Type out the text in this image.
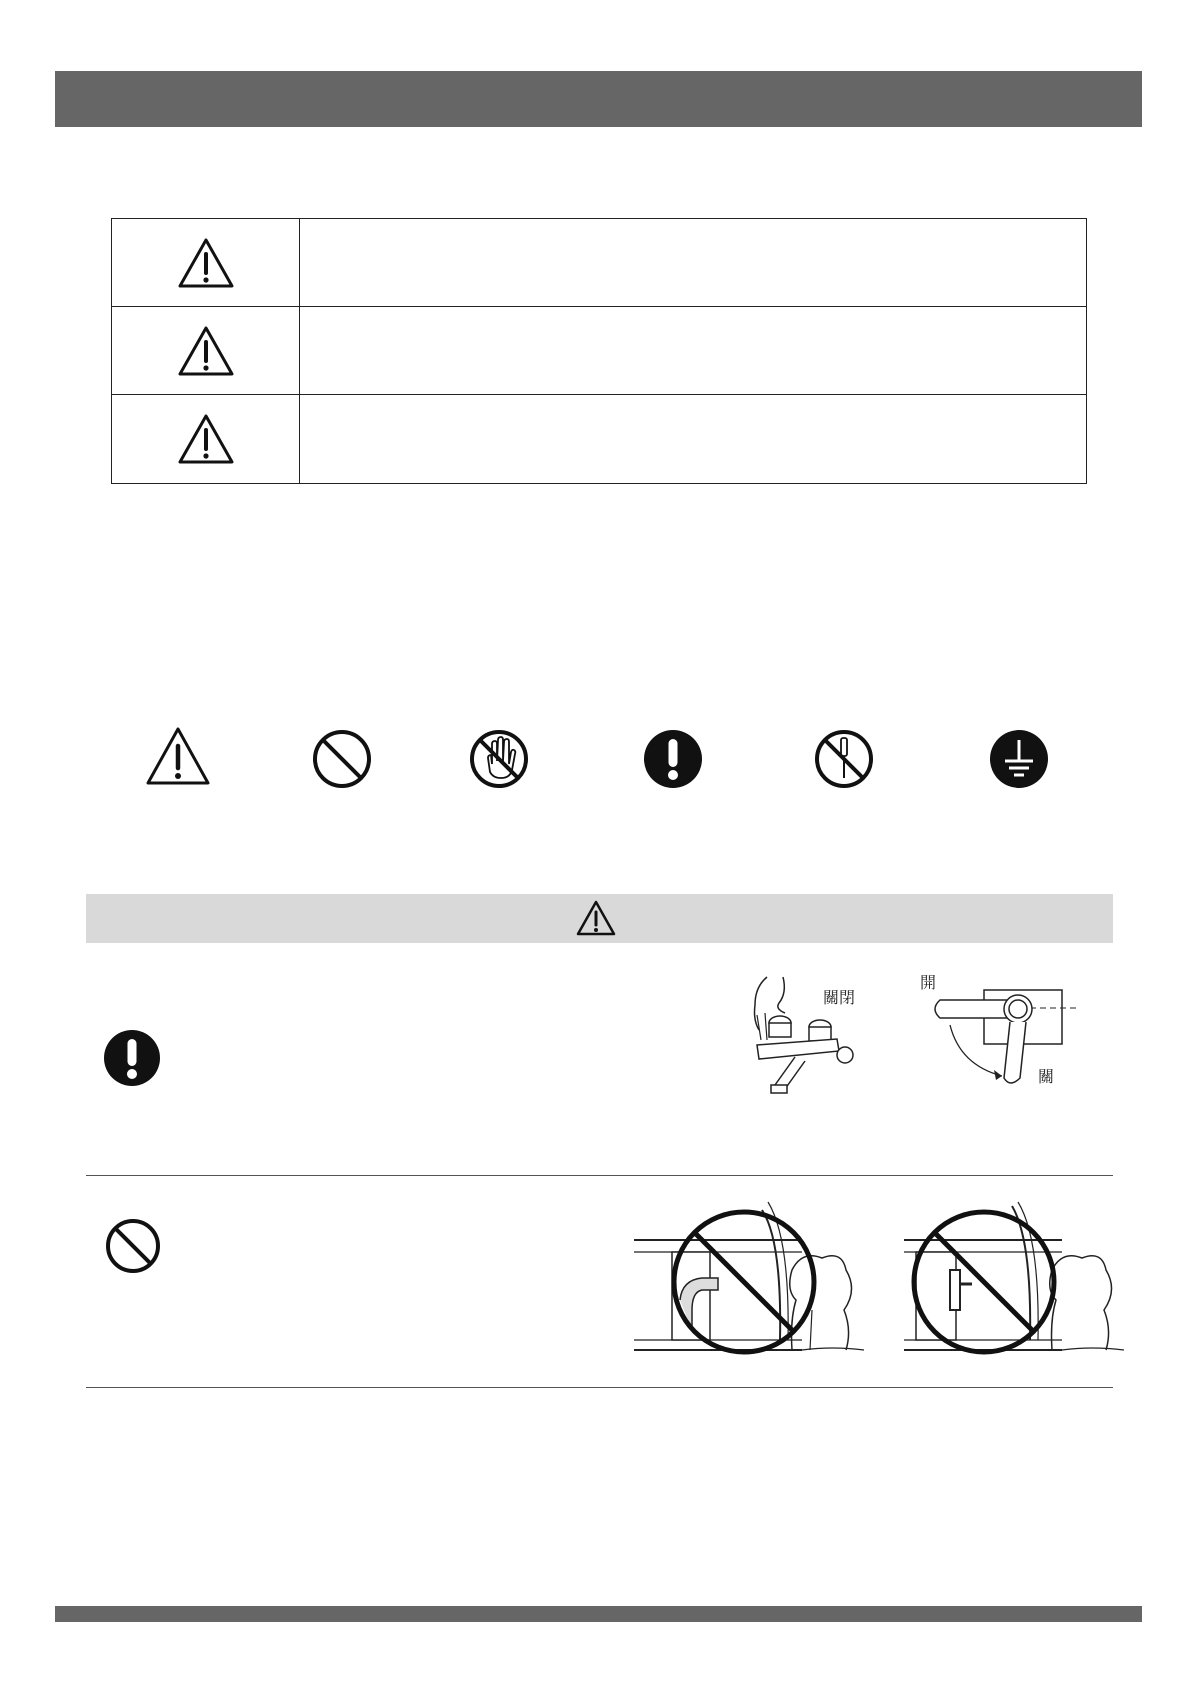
關閉
開
關
